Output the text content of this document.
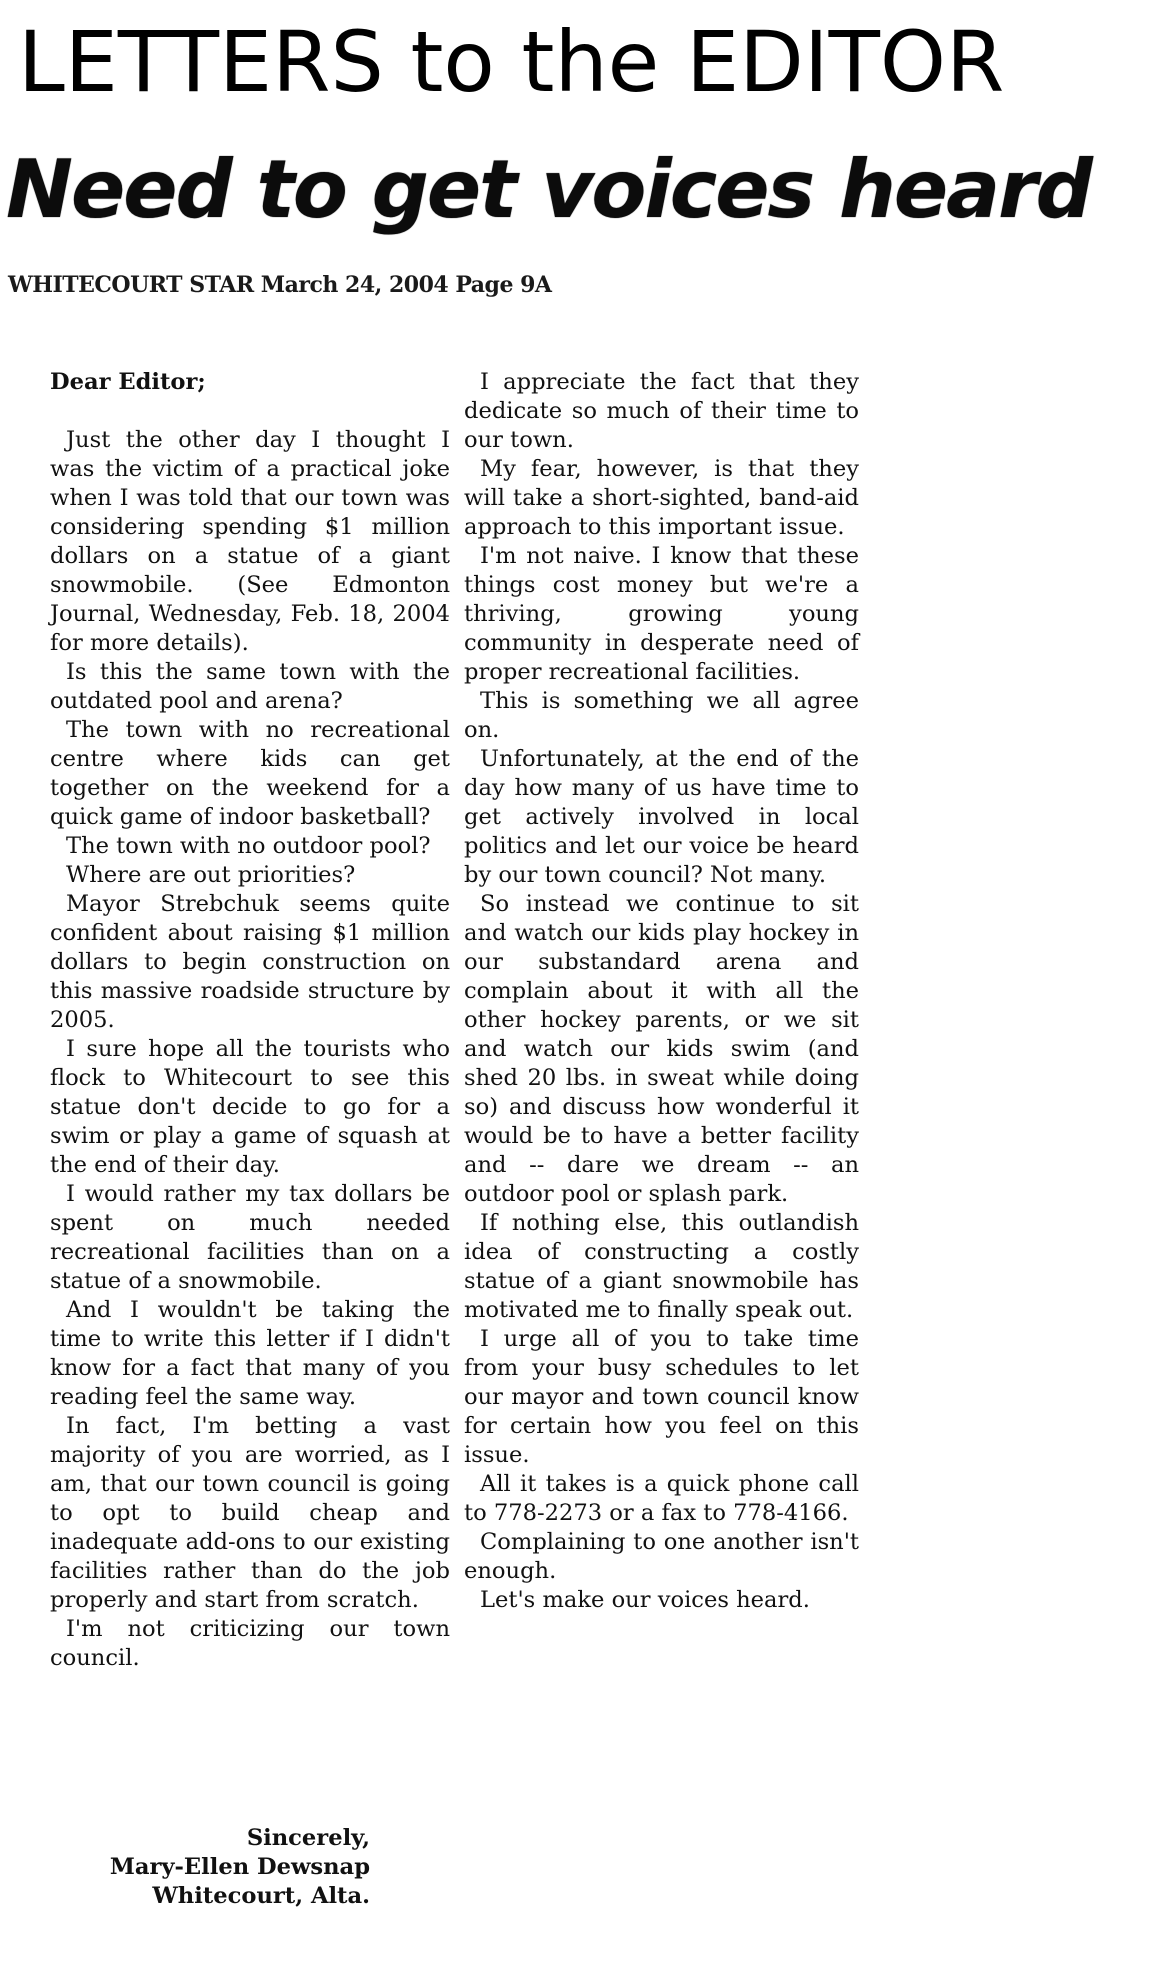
LETTERS to the EDITOR
Need to get voices heard
WHITECOURT STAR March 24, 2004 Page 9A

Dear Editor;

Just the other day I thought I was the victim of a practical joke when I was told that our town was considering spending $1 million dollars on a statue of a giant snowmobile. (See Edmonton Journal, Wednesday, Feb. 18, 2004 for more details).

Is this the same town with the outdated pool and arena?

The town with no recreational centre where kids can get together on the weekend for a quick game of indoor basketball?

The town with no outdoor pool?

Where are out priorities?

Mayor Strebchuk seems quite confident about raising $1 million dollars to begin construction on this massive roadside structure by 2005.

I sure hope all the tourists who flock to Whitecourt to see this statue don't decide to go for a swim or play a game of squash at the end of their day.

I would rather my tax dollars be spent on much needed recreational facilities than on a statue of a snowmobile.

And I wouldn't be taking the time to write this letter if I didn't know for a fact that many of you reading feel the same way.

In fact, I'm betting a vast majority of you are worried, as I am, that our town council is going to opt to build cheap and inadequate add-ons to our existing facilities rather than do the job properly and start from scratch.

I'm not criticizing our town council.

I appreciate the fact that they dedicate so much of their time to our town.

My fear, however, is that they will take a short-sighted, band-aid approach to this important issue.

I'm not naive. I know that these things cost money but we're a thriving, growing young community in desperate need of proper recreational facilities.

This is something we all agree on.

Unfortunately, at the end of the day how many of us have time to get actively involved in local politics and let our voice be heard by our town council? Not many.

So instead we continue to sit and watch our kids play hockey in our substandard arena and complain about it with all the other hockey parents, or we sit and watch our kids swim (and shed 20 lbs. in sweat while doing so) and discuss how wonderful it would be to have a better facility and -- dare we dream -- an outdoor pool or splash park.

If nothing else, this outlandish idea of constructing a costly statue of a giant snowmobile has motivated me to finally speak out.

I urge all of you to take time from your busy schedules to let our mayor and town council know for certain how you feel on this issue.

All it takes is a quick phone call to 778-2273 or a fax to 778-4166.

Complaining to one another isn't enough.

Let's make our voices heard.

Sincerely,
Mary-Ellen Dewsnap
Whitecourt, Alta.
